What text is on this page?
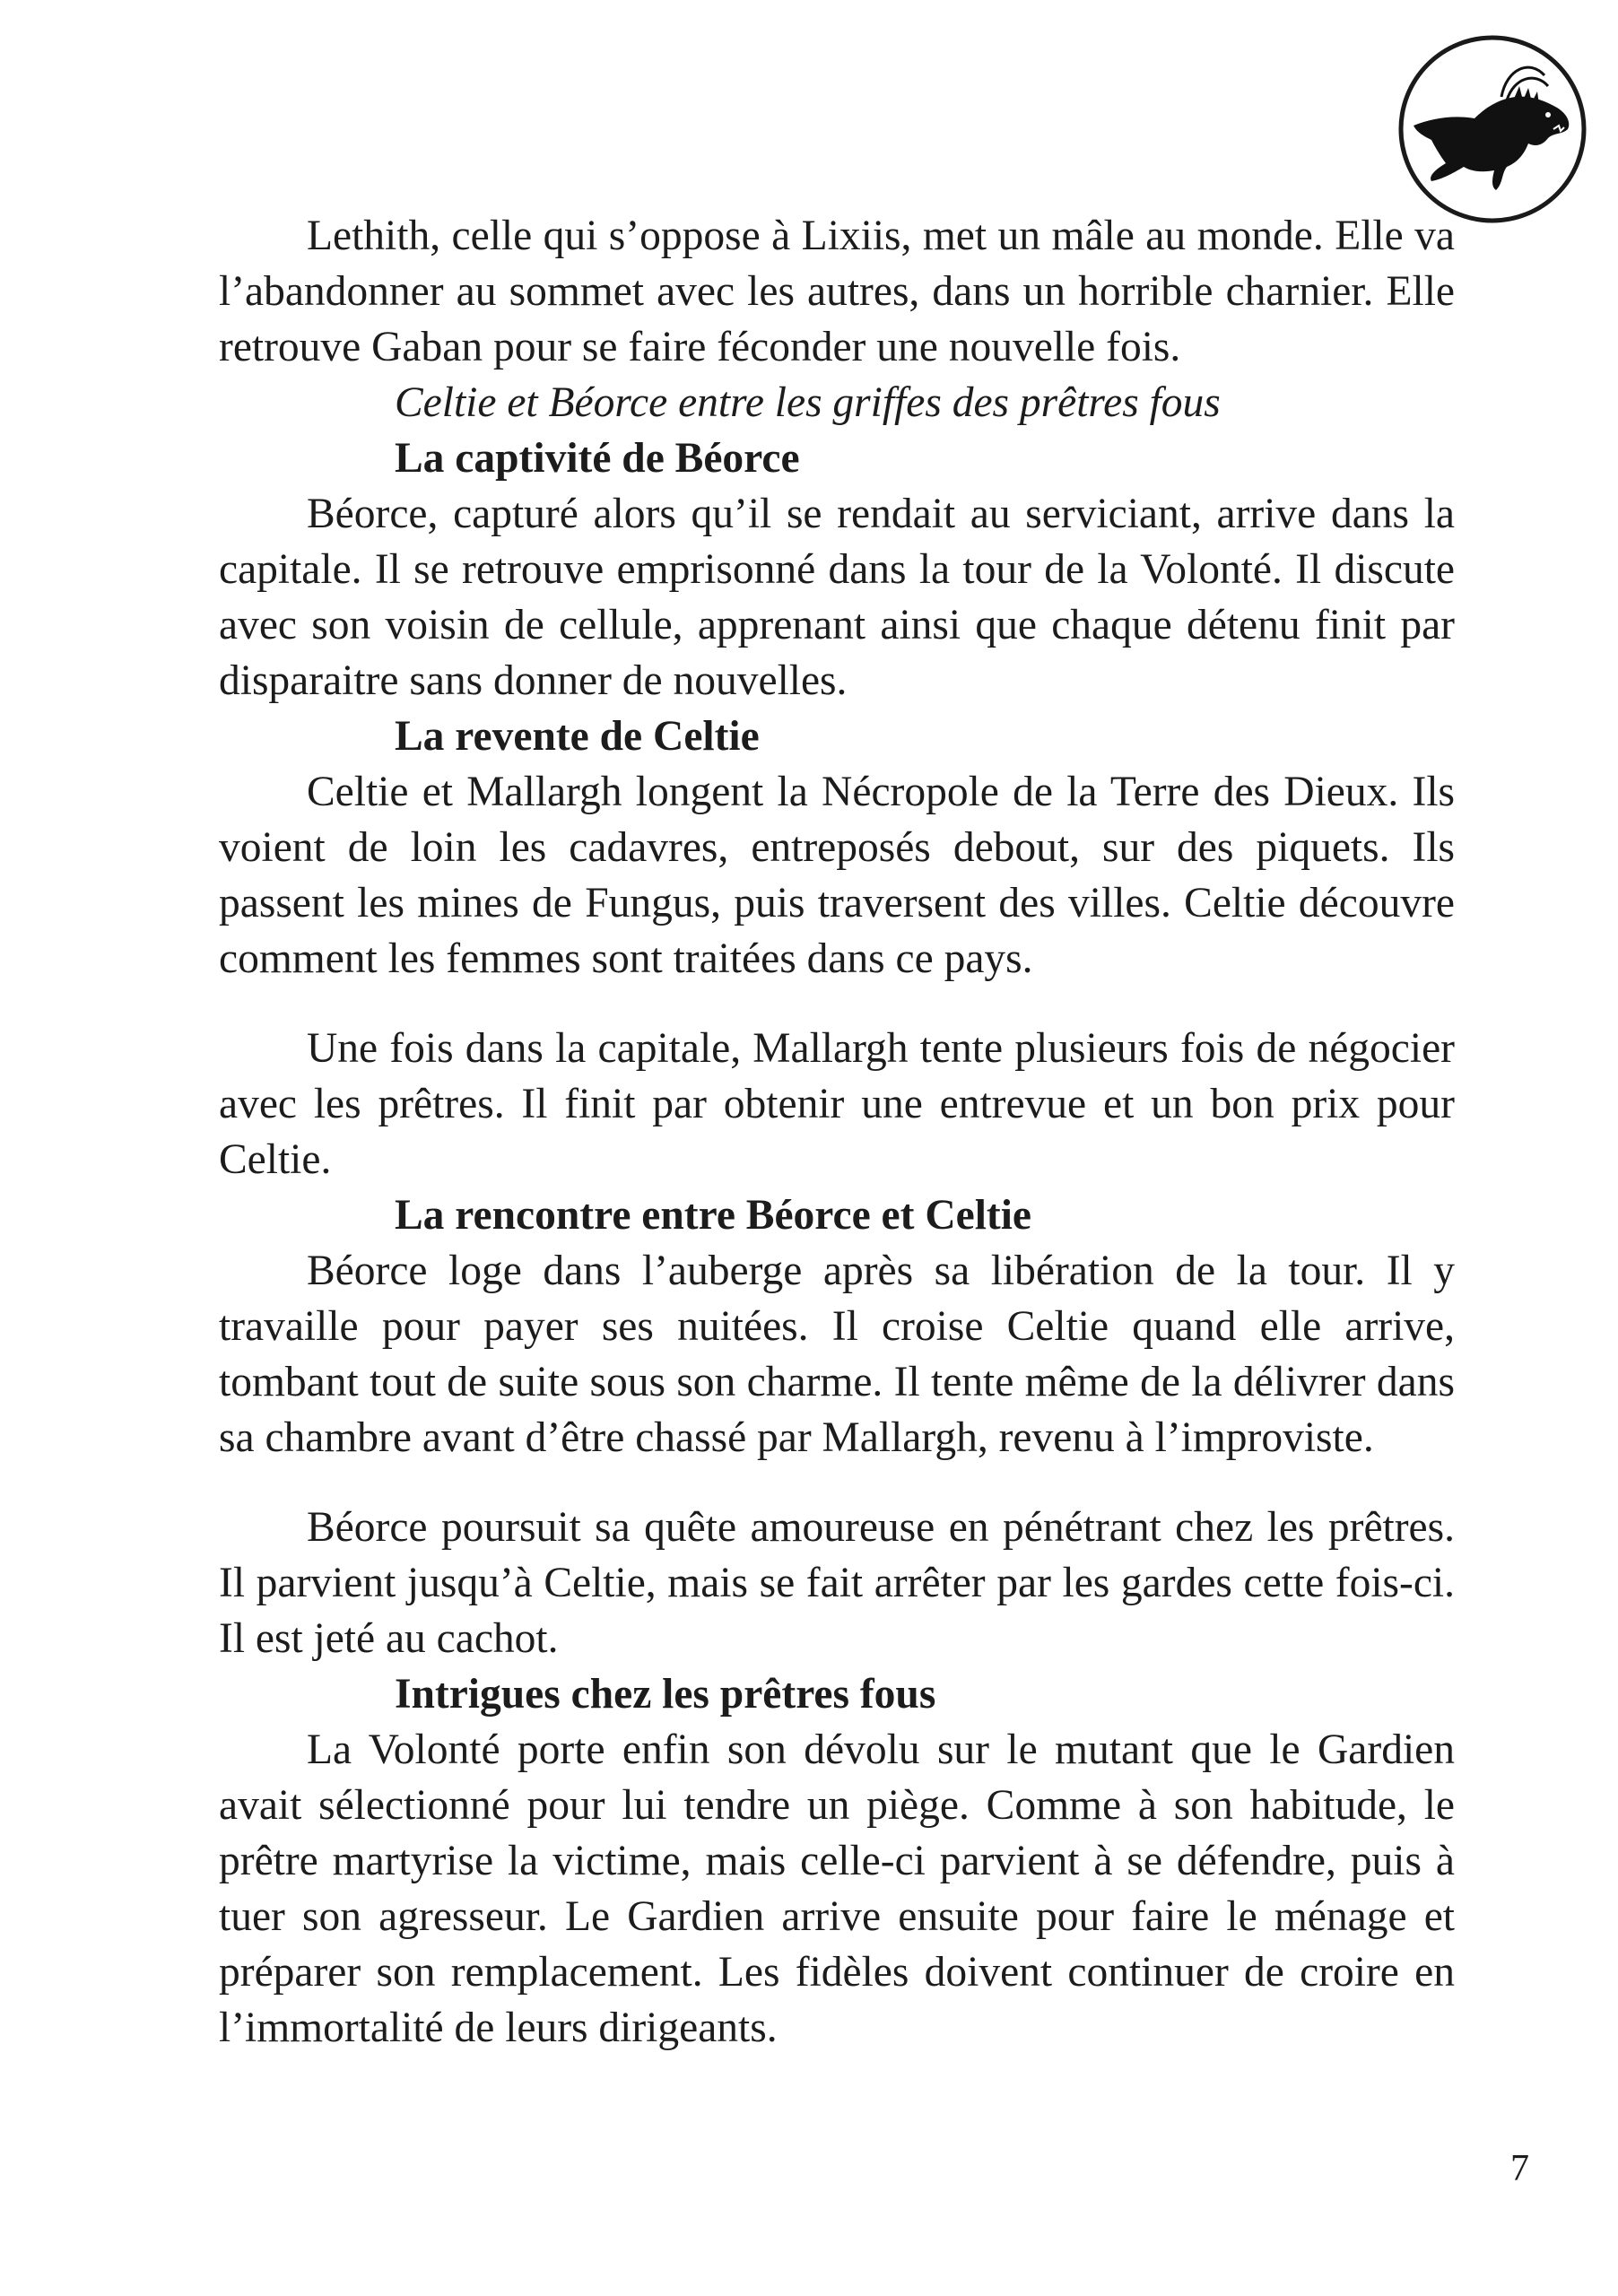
Lethith, celle qui s’oppose à Lixiis, met un mâle au monde. Elle va l’abandonner au sommet avec les autres, dans un horrible charnier. Elle retrouve Gaban pour se faire féconder une nouvelle fois.

Celtie et Béorce entre les griffes des prêtres fous

La captivité de Béorce

Béorce, capturé alors qu’il se rendait au serviciant, arrive dans la capitale. Il se retrouve emprisonné dans la tour de la Volonté. Il discute avec son voisin de cellule, apprenant ainsi que chaque détenu finit par disparaitre sans donner de nouvelles.

La revente de Celtie

Celtie et Mallargh longent la Nécropole de la Terre des Dieux. Ils voient de loin les cadavres, entreposés debout, sur des piquets. Ils passent les mines de Fungus, puis traversent des villes. Celtie découvre comment les femmes sont traitées dans ce pays.

Une fois dans la capitale, Mallargh tente plusieurs fois de négocier avec les prêtres. Il finit par obtenir une entrevue et un bon prix pour Celtie.

La rencontre entre Béorce et Celtie

Béorce loge dans l’auberge après sa libération de la tour. Il y travaille pour payer ses nuitées. Il croise Celtie quand elle arrive, tombant tout de suite sous son charme. Il tente même de la délivrer dans sa chambre avant d’être chassé par Mallargh, revenu à l’improviste.

Béorce poursuit sa quête amoureuse en pénétrant chez les prêtres. Il parvient jusqu’à Celtie, mais se fait arrêter par les gardes cette fois-ci. Il est jeté au cachot.

Intrigues chez les prêtres fous

La Volonté porte enfin son dévolu sur le mutant que le Gardien avait sélectionné pour lui tendre un piège. Comme à son habitude, le prêtre martyrise la victime, mais celle-ci parvient à se défendre, puis à tuer son agresseur. Le Gardien arrive ensuite pour faire le ménage et préparer son remplacement. Les fidèles doivent continuer de croire en l’immortalité de leurs dirigeants.

7
